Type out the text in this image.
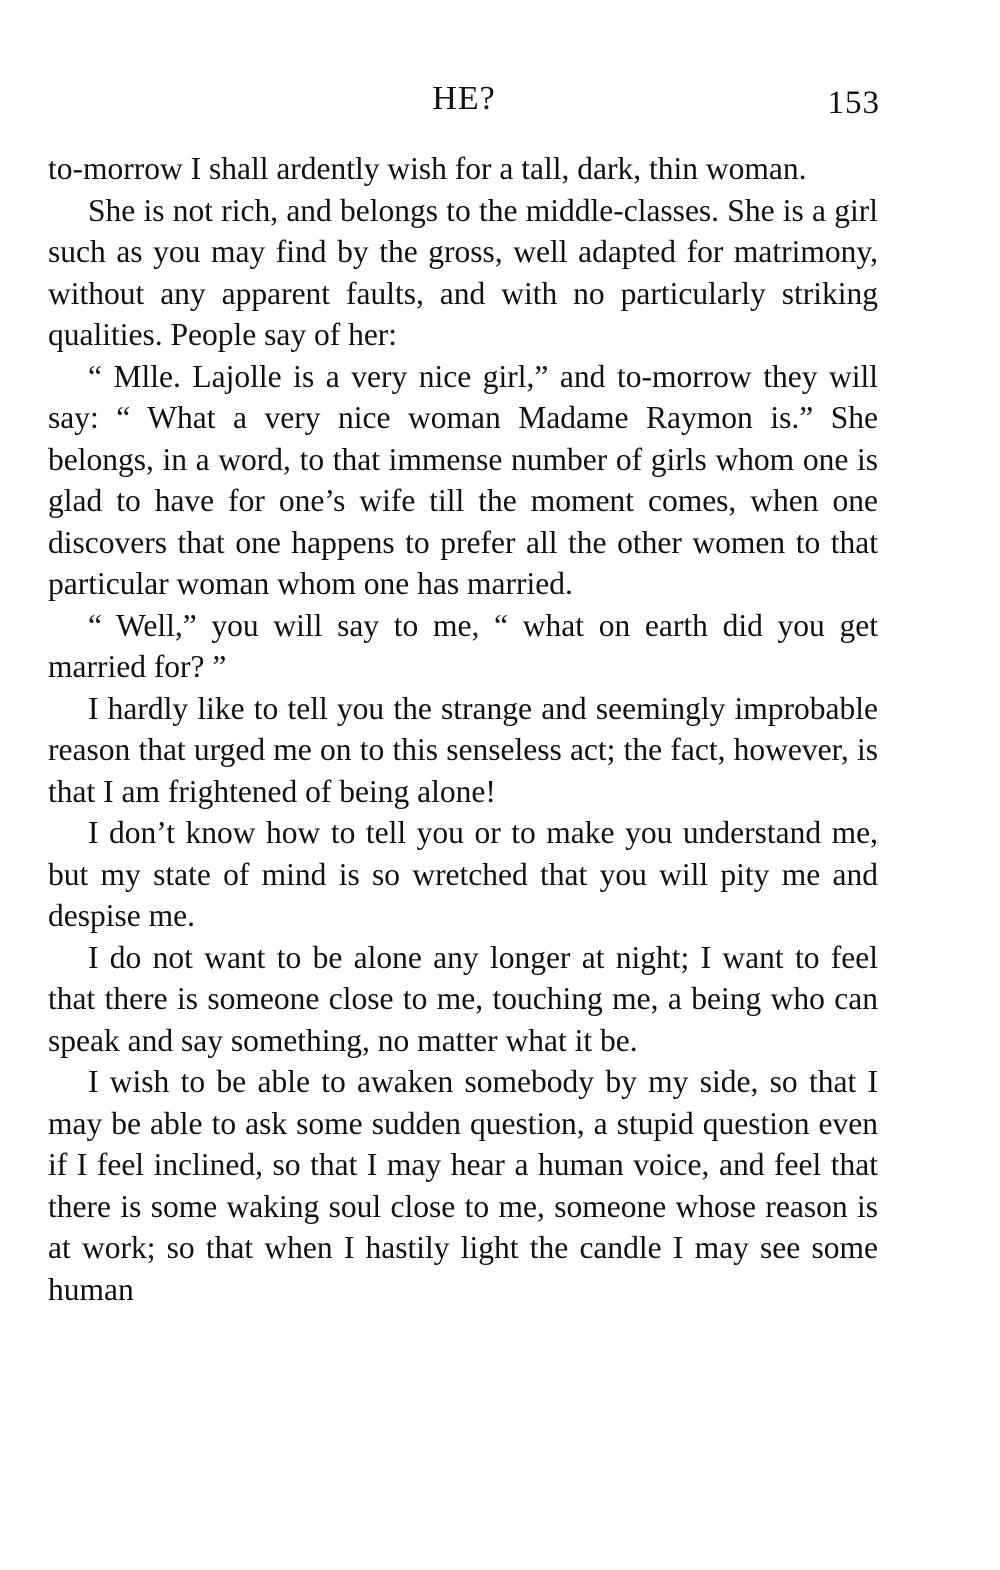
HE?	153

to-morrow I shall ardently wish for a tall, dark, thin woman.

She is not rich, and belongs to the middle-classes. She is a girl such as you may find by the gross, well adapted for matrimony, without any apparent faults, and with no particularly striking qualities. People say of her:

“ Mlle. Lajolle is a very nice girl,” and to-morrow they will say: “ What a very nice woman Madame Raymon is.” She belongs, in a word, to that immense number of girls whom one is glad to have for one’s wife till the moment comes, when one discovers that one happens to prefer all the other women to that particular woman whom one has married.

“ Well,” you will say to me, “ what on earth did you get married for? ”

I hardly like to tell you the strange and seemingly improbable reason that urged me on to this senseless act; the fact, however, is that I am frightened of being alone!

I don’t know how to tell you or to make you understand me, but my state of mind is so wretched that you will pity me and despise me.

I do not want to be alone any longer at night; I want to feel that there is someone close to me, touching me, a being who can speak and say something, no matter what it be.

I wish to be able to awaken somebody by my side, so that I may be able to ask some sudden question, a stupid question even if I feel inclined, so that I may hear a human voice, and feel that there is some waking soul close to me, someone whose reason is at work; so that when I hastily light the candle I may see some human
